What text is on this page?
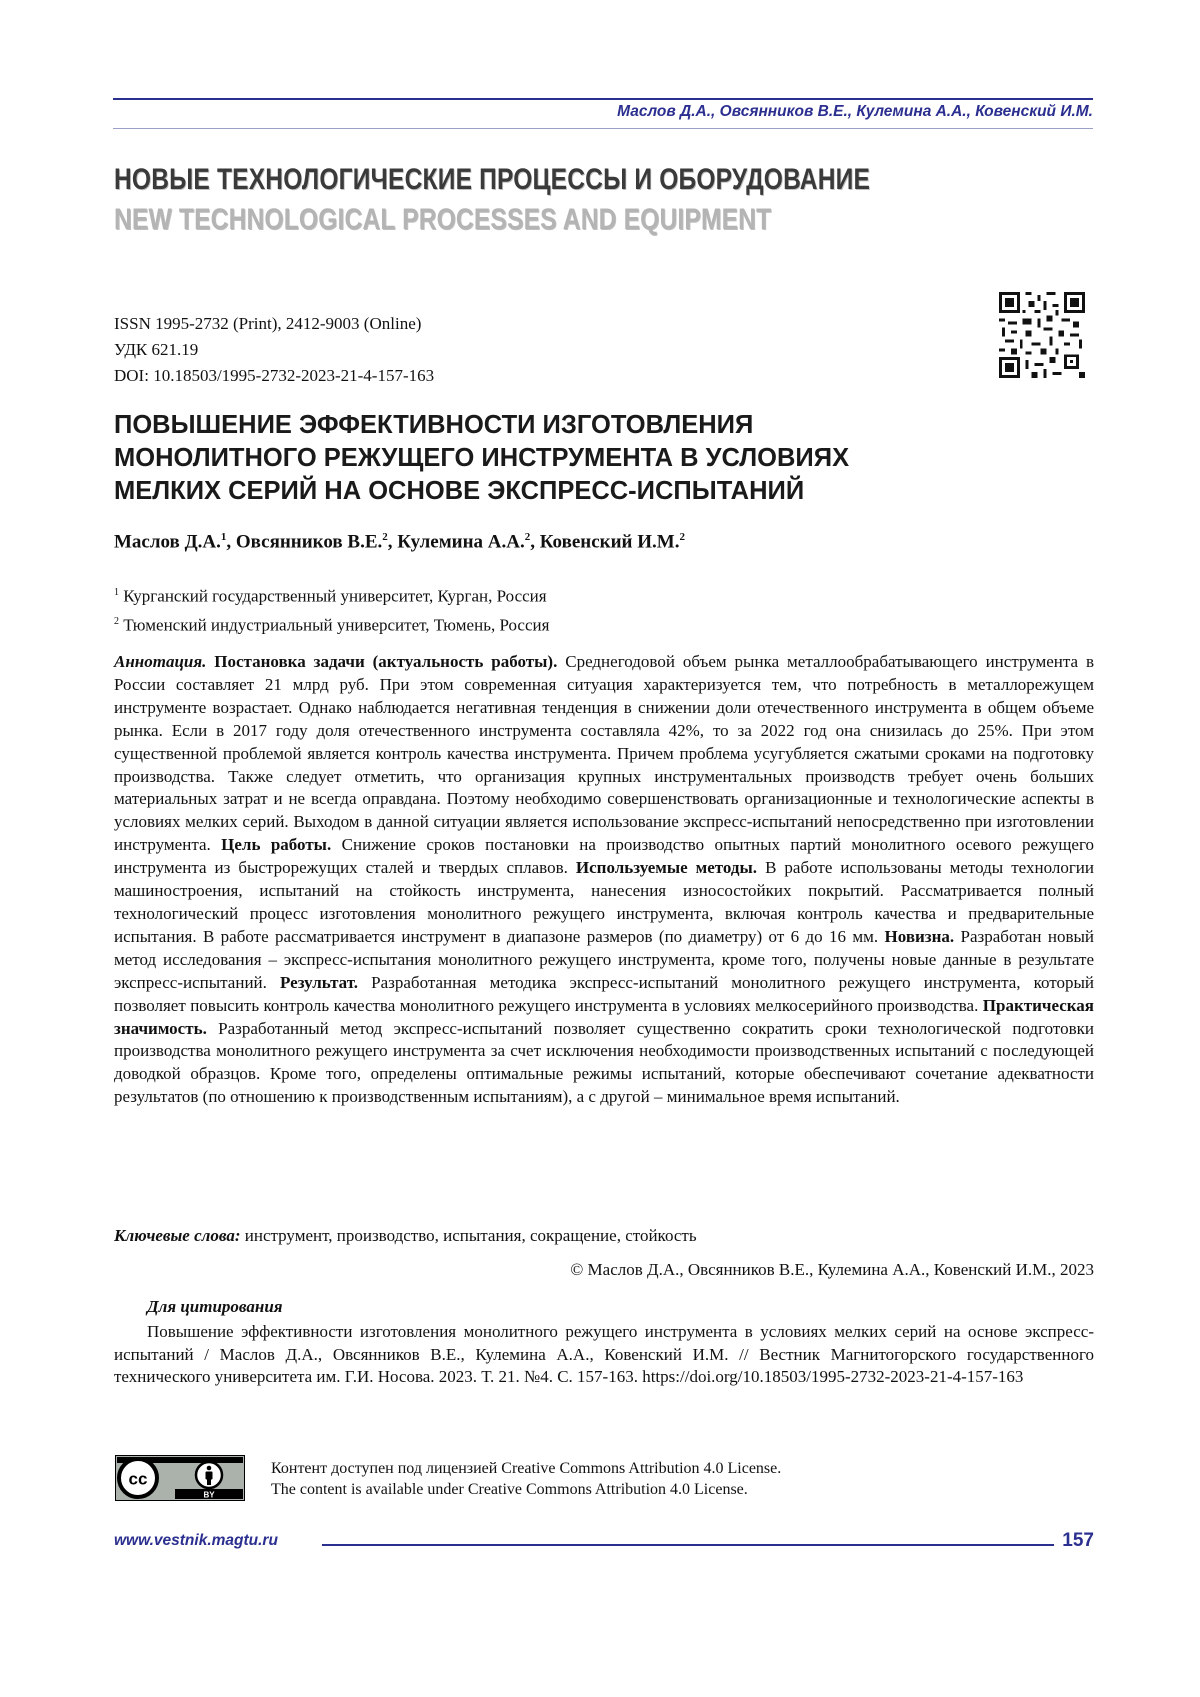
Маслов Д.А., Овсянников В.Е., Кулемина А.А., Ковенский И.М.
НОВЫЕ ТЕХНОЛОГИЧЕСКИЕ ПРОЦЕССЫ И ОБОРУДОВАНИЕ
NEW TECHNOLOGICAL PROCESSES AND EQUIPMENT
ISSN 1995-2732 (Print), 2412-9003 (Online)
УДК 621.19
DOI: 10.18503/1995-2732-2023-21-4-157-163
ПОВЫШЕНИЕ ЭФФЕКТИВНОСТИ ИЗГОТОВЛЕНИЯ
МОНОЛИТНОГО РЕЖУЩЕГО ИНСТРУМЕНТА В УСЛОВИЯХ
МЕЛКИХ СЕРИЙ НА ОСНОВЕ ЭКСПРЕСС-ИСПЫТАНИЙ
Маслов Д.А.$^1$, Овсянников В.Е.$^2$, Кулемина А.А.$^2$, Ковенский И.М.$^2$
$^1$ Курганский государственный университет, Курган, Россия
$^2$ Тюменский индустриальный университет, Тюмень, Россия

Аннотация. Постановка задачи (актуальность работы). Среднегодовой объем рынка металлообрабатывающего инструмента в России составляет 21 млрд руб. При этом современная ситуация характеризуется тем, что потребность в металлорежущем инструменте возрастает. Однако наблюдается негативная тенденция в снижении доли отечественного инструмента в общем объеме рынка. Если в 2017 году доля отечественного инструмента составляла 42%, то за 2022 год она снизилась до 25%. При этом существенной проблемой является контроль качества инструмента. Причем проблема усугубляется сжатыми сроками на подготовку производства. Также следует отметить, что организация крупных инструментальных производств требует очень больших материальных затрат и не всегда оправдана. Поэтому необходимо совершенствовать организационные и технологические аспекты в условиях мелких серий. Выходом в данной ситуации является использование экспресс-испытаний непосредственно при изготовлении инструмента. Цель работы. Снижение сроков постановки на производство опытных партий монолитного осевого режущего инструмента из быстрорежущих сталей и твердых сплавов. Используемые методы. В работе использованы методы технологии машиностроения, испытаний на стойкость инструмента, нанесения износостойких покрытий. Рассматривается полный технологический процесс изготовления монолитного режущего инструмента, включая контроль качества и предварительные испытания. В работе рассматривается инструмент в диапазоне размеров (по диаметру) от 6 до 16 мм. Новизна. Разработан новый метод исследования – экспресс-испытания монолитного режущего инструмента, кроме того, получены новые данные в результате экспресс-испытаний. Результат. Разработанная методика экспресс-испытаний монолитного режущего инструмента, который позволяет повысить контроль качества монолитного режущего инструмента в условиях мелкосерийного производства. Практическая значимость. Разработанный метод экспресс-испытаний позволяет существенно сократить сроки технологической подготовки производства монолитного режущего инструмента за счет исключения необходимости производственных испытаний с последующей доводкой образцов. Кроме того, определены оптимальные режимы испытаний, которые обеспечивают сочетание адекватности результатов (по отношению к производственным испытаниям), а с другой – минимальное время испытаний.

Ключевые слова: инструмент, производство, испытания, сокращение, стойкость
© Маслов Д.А., Овсянников В.Е., Кулемина А.А., Ковенский И.М., 2023
Для цитирования

Повышение эффективности изготовления монолитного режущего инструмента в условиях мелких серий на основе экспресс-испытаний / Маслов Д.А., Овсянников В.Е., Кулемина А.А., Ковенский И.М. // Вестник Магнитогорского государственного технического университета им. Г.И. Носова. 2023. Т. 21. №4. С. 157-163. https://doi.org/10.18503/1995-2732-2023-21-4-157-163

cc
BY
Контент доступен под лицензией Creative Commons Attribution 4.0 License.
The content is available under Creative Commons Attribution 4.0 License.
www.vestnik.magtu.ru	157
